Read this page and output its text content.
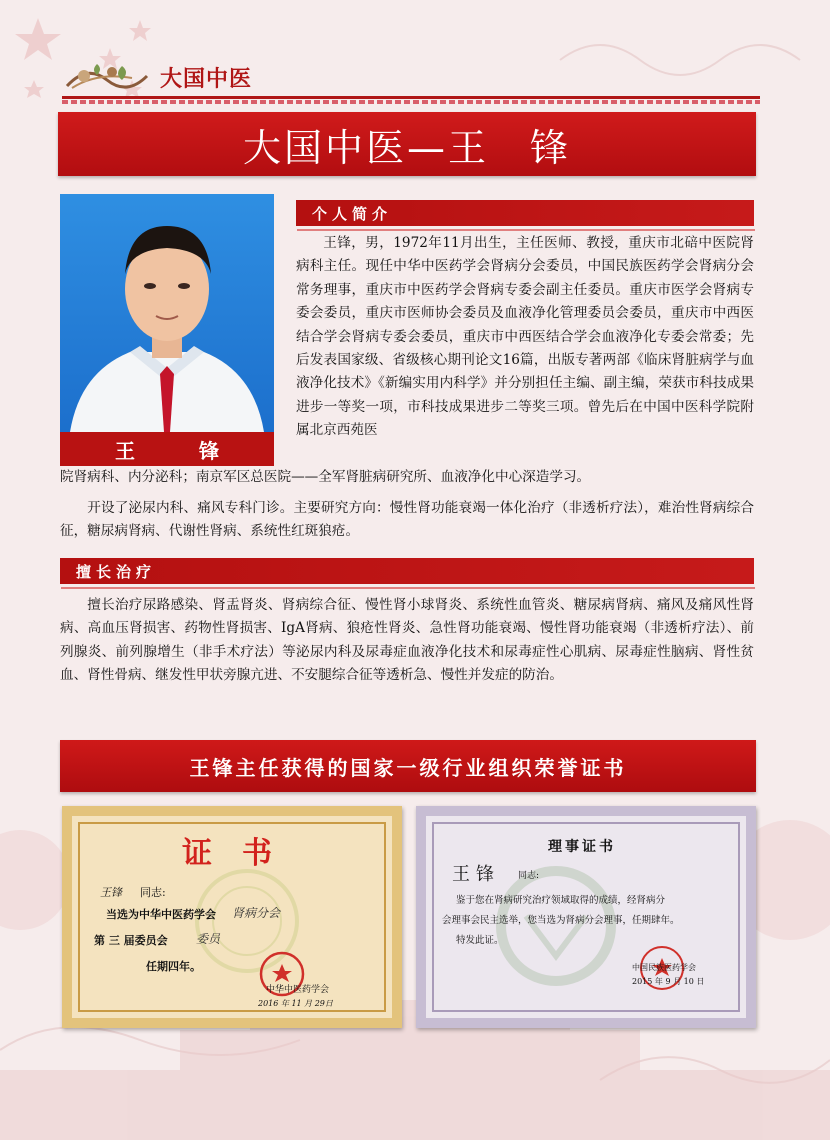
大国中医
大国中医—王　锋
王　锋
个人简介
王锋，男，1972年11月出生，主任医师、教授，重庆市北碚中医院肾病科主任。现任中华中医药学会肾病分会委员，中国民族医药学会肾病分会常务理事，重庆市中医药学会肾病专委会副主任委员。重庆市医学会肾病专委会委员，重庆市医师协会委员及血液净化管理委员会委员，重庆市中西医结合学会肾病专委会委员，重庆市中西医结合学会血液净化专委会常委；先后发表国家级、省级核心期刊论文16篇，出版专著两部《临床肾脏病学与血液净化技术》《新编实用内科学》并分别担任主编、副主编，荣获市科技成果进步一等奖一项，市科技成果进步二等奖三项。曾先后在中国中医科学院附属北京西苑医
院肾病科、内分泌科；南京军区总医院——全军肾脏病研究所、血液净化中心深造学习。
开设了泌尿内科、痛风专科门诊。主要研究方向：慢性肾功能衰竭一体化治疗（非透析疗法），难治性肾病综合征，糖尿病肾病、代谢性肾病、系统性红斑狼疮。
擅长治疗
擅长治疗尿路感染、肾盂肾炎、肾病综合征、慢性肾小球肾炎、系统性血管炎、糖尿病肾病、痛风及痛风性肾病、高血压肾损害、药物性肾损害、IgA肾病、狼疮性肾炎、急性肾功能衰竭、慢性肾功能衰竭（非透析疗法）、前列腺炎、前列腺增生（非手术疗法）等泌尿内科及尿毒症血液净化技术和尿毒症性心肌病、尿毒症性脑病、肾性贫血、肾性骨病、继发性甲状旁腺亢进、不安腿综合征等透析急、慢性并发症的防治。
王锋主任获得的国家一级行业组织荣誉证书
证书
王锋 同志:
当选为中华中医药学会 肾病分会
第 三 届委员会 委员
任期四年。
中华中医药学会
2016 年 11 月 29日
理事证书
王锋 同志:
鉴于您在肾病研究治疗领域取得的成绩，经肾病分
会理事会民主选举，您当选为肾病分会理事，任期肆年。
特发此证。
中国民族医药学会
2015 年 9 月 10 日
